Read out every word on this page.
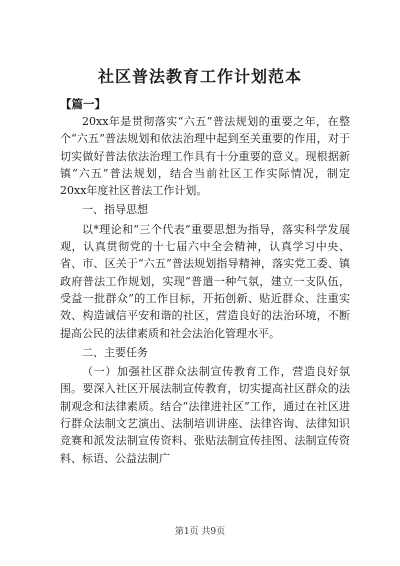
社区普法教育工作计划范本
【篇一】

20xx年是贯彻落实“六五”普法规划的重要之年，在整个“六五”普法规划和依法治理中起到至关重要的作用，对于切实做好普法依法治理工作具有十分重要的意义。现根据新镇“六五”普法规划，结合当前社区工作实际情况，制定20xx年度社区普法工作计划。

一、指导思想

以*理论和“三个代表”重要思想为指导，落实科学发展观，认真贯彻党的十七届六中全会精神，认真学习中央、省、市、区关于“六五”普法规划指导精神，落实党工委、镇政府普法工作规划，实现“普遣一种气氛，建立一支队伍，受益一批群众”的工作目标，开拓创新、贴近群众、注重实效、构造诚信平安和谐的社区，营造良好的法治环境，不断提高公民的法律素质和社会法治化管理水平。

二、主要任务

（一）加强社区群众法制宣传教育工作，营造良好氛围。要深入社区开展法制宣传教育，切实提高社区群众的法制观念和法律素质。结合“法律进社区”工作，通过在社区进行群众法制文艺演出、法制培训讲座、法律咨询、法律知识竞赛和派发法制宣传资料、张贴法制宣传挂图、法制宣传资料、标语、公益法制广

第1页 共9页
